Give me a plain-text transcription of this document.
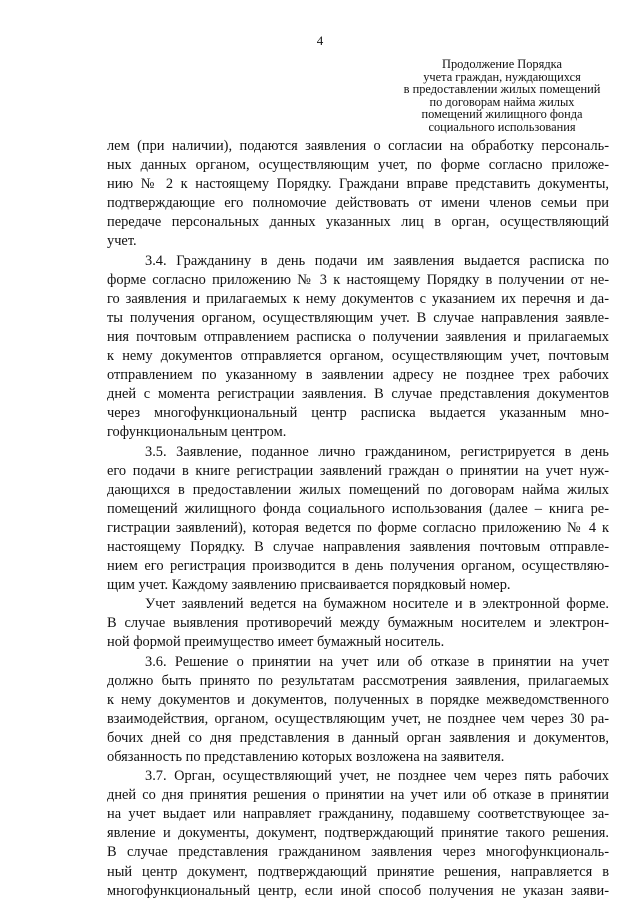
4
Продолжение Порядка
учета граждан, нуждающихся
в предоставлении жилых помещений
по договорам найма жилых
помещений жилищного фонда
социального использования
лем (при наличии), подаются заявления о согласии на обработку персональ-
ных данных органом, осуществляющим учет, по форме согласно приложе-
нию № 2 к настоящему Порядку. Граждани вправе представить документы,
подтверждающие его полномочие действовать от имени членов семьи при
передаче персональных данных указанных лиц в орган, осуществляющий
учет.
3.4. Гражданину в день подачи им заявления выдается расписка по
форме согласно приложению № 3 к настоящему Порядку в получении от не-
го заявления и прилагаемых к нему документов с указанием их перечня и да-
ты получения органом, осуществляющим учет. В случае направления заявле-
ния почтовым отправлением расписка о получении заявления и прилагаемых
к нему документов отправляется органом, осуществляющим учет, почтовым
отправлением по указанному в заявлении адресу не позднее трех рабочих
дней с момента регистрации заявления. В случае представления документов
через многофункциональный центр расписка выдается указанным мно-
гофункциональным центром.
3.5. Заявление, поданное лично гражданином, регистрируется в день
его подачи в книге регистрации заявлений граждан о принятии на учет нуж-
дающихся в предоставлении жилых помещений по договорам найма жилых
помещений жилищного фонда социального использования (далее – книга ре-
гистрации заявлений), которая ведется по форме согласно приложению № 4 к
настоящему Порядку. В случае направления заявления почтовым отправле-
нием его регистрация производится в день получения органом, осуществляю-
щим учет. Каждому заявлению присваивается порядковый номер.
Учет заявлений ведется на бумажном носителе и в электронной форме.
В случае выявления противоречий между бумажным носителем и электрон-
ной формой преимущество имеет бумажный носитель.
3.6. Решение о принятии на учет или об отказе в принятии на учет
должно быть принято по результатам рассмотрения заявления, прилагаемых
к нему документов и документов, полученных в порядке межведомственного
взаимодействия, органом, осуществляющим учет, не позднее чем через 30 ра-
бочих дней со дня представления в данный орган заявления и документов,
обязанность по представлению которых возложена на заявителя.
3.7. Орган, осуществляющий учет, не позднее чем через пять рабочих
дней со дня принятия решения о принятии на учет или об отказе в принятии
на учет выдает или направляет гражданину, подавшему соответствующее за-
явление и документы, документ, подтверждающий принятие такого решения.
В случае представления гражданином заявления через многофункциональ-
ный центр документ, подтверждающий принятие решения, направляется в
многофункциональный центр, если иной способ получения не указан заяви-
